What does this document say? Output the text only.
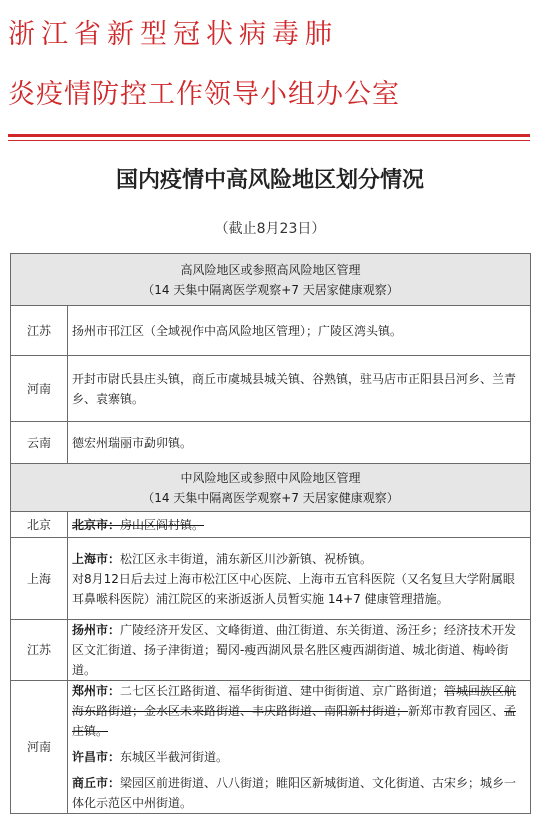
浙江省新型冠状病毒肺
炎疫情防控工作领导小组办公室
国内疫情中高风险地区划分情况
（截止8月23日）
高风险地区或参照高风险地区管理
（14 天集中隔离医学观察+7 天居家健康观察）	

江苏	扬州市邗江区（全域视作中高风险地区管理）；广陵区湾头镇。
河南	开封市尉氏县庄头镇，商丘市虞城县城关镇、谷熟镇，驻马店市正阳县吕河乡、兰青乡、袁寨镇。
云南	德宏州瑞丽市勐卯镇。

中风险地区或参照中风险地区管理
（14 天集中隔离医学观察+7 天居家健康观察）	

北京	北京市：房山区阎村镇。
上海	上海市：松江区永丰街道，浦东新区川沙新镇、祝桥镇。
对8月12日后去过上海市松江区中心医院、上海市五官科医院（又名复旦大学附属眼耳鼻喉科医院）浦江院区的来浙返浙人员暂实施 14+7 健康管理措施。

江苏	扬州市：广陵经济开发区、文峰街道、曲江街道、东关街道、汤汪乡；经济技术开发区文汇街道、扬子津街道；蜀冈-瘦西湖风景名胜区瘦西湖街道、城北街道、梅岭街道。
河南	郑州市：二七区长江路街道、福华街街道、建中街街道、京广路街道；管城回族区航海东路街道；金水区未来路街道、丰庆路街道、南阳新村街道；新郑市教育园区、孟庄镇。
许昌市：东城区半截河街道。
商丘市：梁园区前进街道、八八街道；睢阳区新城街道、文化街道、古宋乡；城乡一体化示范区中州街道。
